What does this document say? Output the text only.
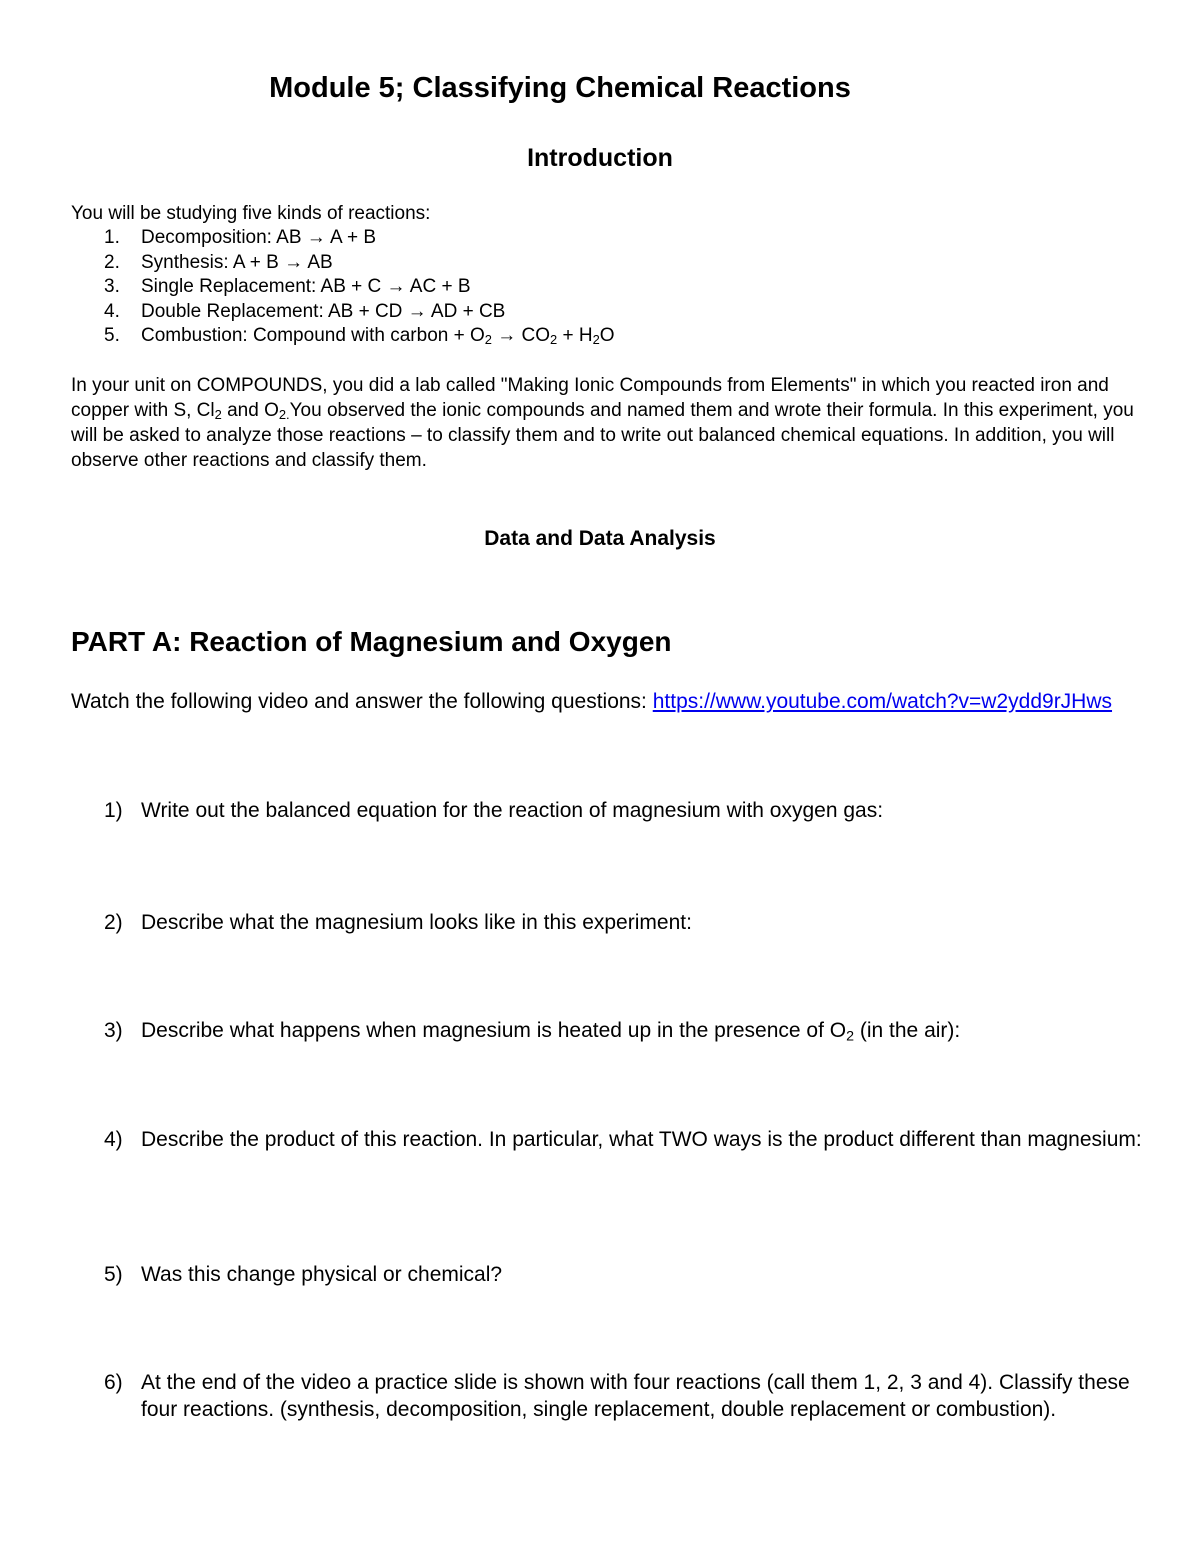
Module 5; Classifying Chemical Reactions
Introduction
You will be studying five kinds of reactions:
1. Decomposition: AB → A + B
2. Synthesis: A + B → AB
3. Single Replacement: AB + C → AC + B
4. Double Replacement: AB + CD → AD + CB
5. Combustion: Compound with carbon + $O_2 \to CO_2 + H_2O$
In your unit on COMPOUNDS, you did a lab called "Making Ionic Compounds from Elements" in which you reacted iron and copper with S, $Cl_2$ and $O_{2.}You$ observed the ionic compounds and named them and wrote their formula. In this experiment, you will be asked to analyze those reactions – to classify them and to write out balanced chemical equations. In addition, you will observe other reactions and classify them.
Data and Data Analysis
PART A: Reaction of Magnesium and Oxygen
Watch the following video and answer the following questions: https://www.youtube.com/watch?v=w2ydd9rJHws
1) Write out the balanced equation for the reaction of magnesium with oxygen gas:
2) Describe what the magnesium looks like in this experiment:
3) Describe what happens when magnesium is heated up in the presence of $O_2$ (in the air):
4) Describe the product of this reaction. In particular, what TWO ways is the product different than magnesium:
5) Was this change physical or chemical?
6) At the end of the video a practice slide is shown with four reactions (call them 1, 2, 3 and 4). Classify these four reactions. (synthesis, decomposition, single replacement, double replacement or combustion).
